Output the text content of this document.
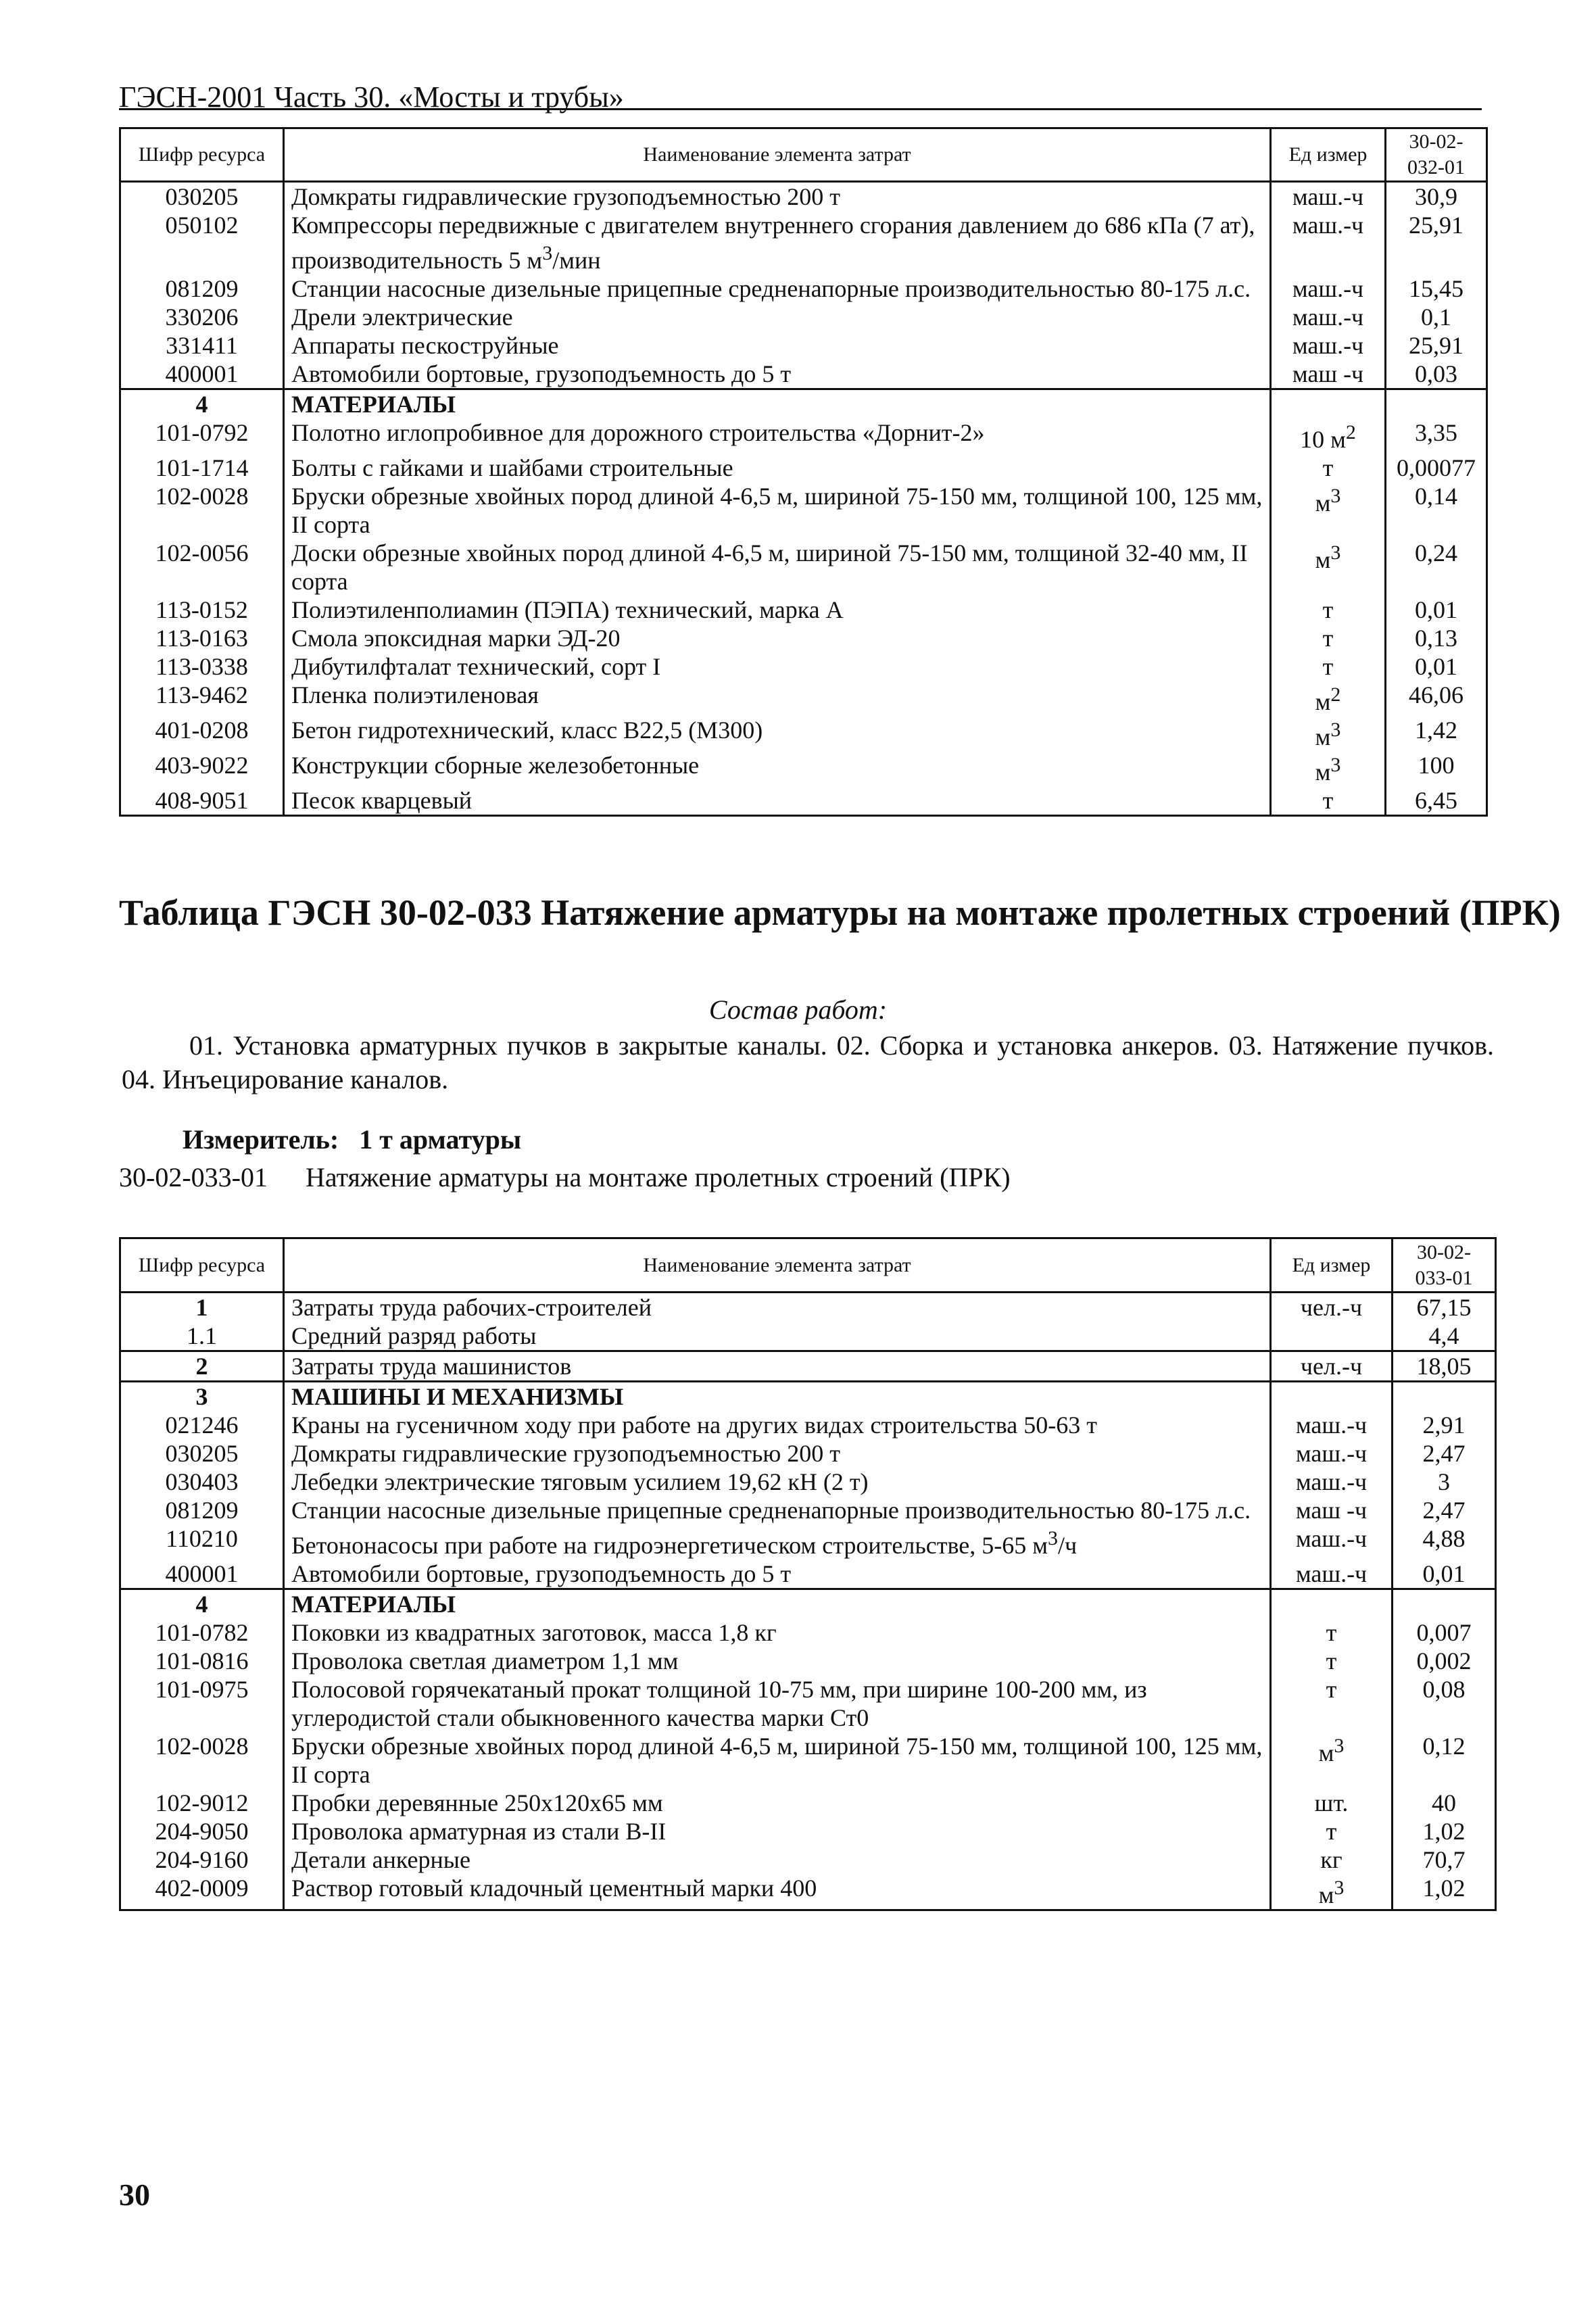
ГЭСН-2001 Часть 30. «Мосты и трубы»
Шифр ресурса	Наименование элемента затрат	Ед измер	30-02-032-01
030205	Домкраты гидравлические грузоподъемностью 200 т	маш.-ч	30,9
050102	Компрессоры передвижные с двигателем внутреннего сгорания давлением до 686 кПа (7 ат), производительность 5 $м^3$/мин	маш.-ч	25,91
081209	Станции насосные дизельные прицепные средненапорные производительностью 80-175 л.с.	маш.-ч	15,45
330206	Дрели электрические	маш.-ч	0,1
331411	Аппараты пескоструйные	маш.-ч	25,91
400001	Автомобили бортовые, грузоподъемность до 5 т	маш -ч	0,03
4	МАТЕРИАЛЫ		
101-0792	Полотно иглопробивное для дорожного строительства «Дорнит-2»	10 $м^2$	3,35
101-1714	Болты с гайками и шайбами строительные	т	0,00077
102-0028	Бруски обрезные хвойных пород длиной 4-6,5 м, шириной 75-150 мм, толщиной 100, 125 мм, II сорта	$м^3$	0,14
102-0056	Доски обрезные хвойных пород длиной 4-6,5 м, шириной 75-150 мм, толщиной 32-40 мм, II сорта	$м^3$	0,24
113-0152	Полиэтиленполиамин (ПЭПА) технический, марка А	т	0,01
113-0163	Смола эпоксидная марки ЭД-20	т	0,13
113-0338	Дибутилфталат технический, сорт I	т	0,01
113-9462	Пленка полиэтиленовая	$м^2$	46,06
401-0208	Бетон гидротехнический, класс В22,5 (М300)	$м^3$	1,42
403-9022	Конструкции сборные железобетонные	$м^3$	100
408-9051	Песок кварцевый	т	6,45
Таблица ГЭСН 30-02-033 Натяжение арматуры на монтаже пролетных строений (ПРК)
Состав работ:
01. Установка арматурных пучков в закрытые каналы. 02. Сборка и установка анкеров. 03. Натяжение пучков. 04. Инъецирование каналов.
Измеритель: 1 т арматуры
30-02-033-01 Натяжение арматуры на монтаже пролетных строений (ПРК)
Шифр ресурса	Наименование элемента затрат	Ед измер	30-02-033-01
1	Затраты труда рабочих-строителей	чел.-ч	67,15
1.1	Средний разряд работы		4,4
2	Затраты труда машинистов	чел.-ч	18,05
3	МАШИНЫ И МЕХАНИЗМЫ		
021246	Краны на гусеничном ходу при работе на других видах строительства 50-63 т	маш.-ч	2,91
030205	Домкраты гидравлические грузоподъемностью 200 т	маш.-ч	2,47
030403	Лебедки электрические тяговым усилием 19,62 кН (2 т)	маш.-ч	3
081209	Станции насосные дизельные прицепные средненапорные производительностью 80-175 л.с.	маш -ч	2,47
110210	Бетононасосы при работе на гидроэнергетическом строительстве, 5-65 $м^3/ч$	маш.-ч	4,88
400001	Автомобили бортовые, грузоподъемность до 5 т	маш.-ч	0,01
4	МАТЕРИАЛЫ		
101-0782	Поковки из квадратных заготовок, масса 1,8 кг	т	0,007
101-0816	Проволока светлая диаметром 1,1 мм	т	0,002
101-0975	Полосовой горячекатаный прокат толщиной 10-75 мм, при ширине 100-200 мм, из углеродистой стали обыкновенного качества марки Ст0	т	0,08
102-0028	Бруски обрезные хвойных пород длиной 4-6,5 м, шириной 75-150 мм, толщиной 100, 125 мм, II сорта	$м^3$	0,12
102-9012	Пробки деревянные 250x120x65 мм	шт.	40
204-9050	Проволока арматурная из стали В-II	т	1,02
204-9160	Детали анкерные	кг	70,7
402-0009	Раствор готовый кладочный цементный марки 400	$м^3$	1,02
30
